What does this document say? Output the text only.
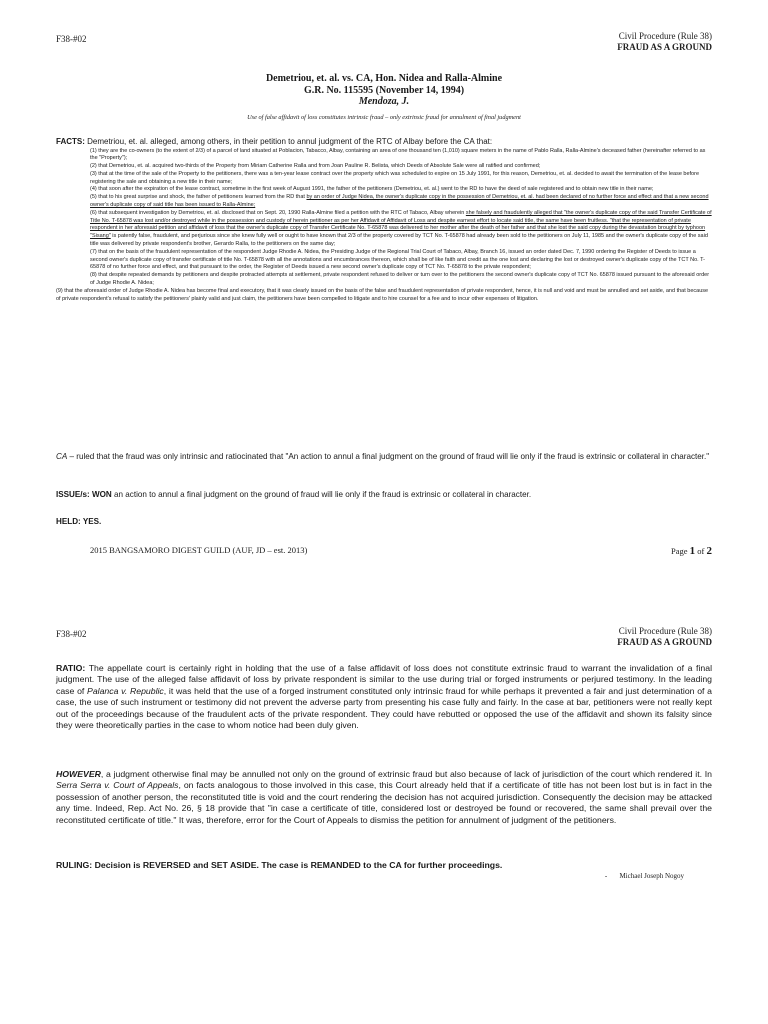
F38-#02	Civil Procedure (Rule 38)
FRAUD AS A GROUND
Demetriou, et. al. vs. CA, Hon. Nidea and Ralla-Almine
G.R. No. 115595 (November 14, 1994)
Mendoza, J.
Use of false affidavit of loss constitutes intrinsic fraud – only extrinsic fraud for annulment of final judgment
FACTS: Demetriou, et. al. alleged, among others, in their petition to annul judgment of the RTC of Albay before the CA that:
(1) they are the co-owners (to the extent of 2/3) of a parcel of land situated at Poblacion, Tabacco, Albay, containing an area of one thousand ten (1,010) square meters in the name of Pablo Ralla, Ralla-Almine's deceased father (hereinafter referred to as the "Property");
(2) that Demetriou, et. al. acquired two-thirds of the Property from Miriam Catherine Ralla and from Joan Pauline R. Belista, which Deeds of Absolute Sale were all ratified and confirmed;
(3) that at the time of the sale of the Property to the petitioners, there was a ten-year lease contract over the property which was scheduled to expire on 15 July 1991, for this reason, Demetriou, et. al. decided to await the termination of the lease before registering the sale and obtaining a new title in their name;
(4) that soon after the expiration of the lease contract, sometime in the first week of August 1991, the father of the petitioners (Demetriou, et. al.) went to the RD to have the deed of sale registered and to obtain new title in their name;
(5) that to his great surprise and shock, the father of petitioners learned from the RD that by an order of Judge Nidea, the owner's duplicate copy in the possession of Demetriou, et. al. had been declared of no further force and effect and that a new second owner's duplicate copy of said title has been issued to Ralla-Almine;
(6) that subsequent investigation by Demetriou, et. al. disclosed that on Sept. 20, 1990 Ralla-Almine filed a petition with the RTC of Tabaco, Albay wherein she falsely and fraudulently alleged that "the owner's duplicate copy of the said Transfer Certificate of Title No. T-65878 was lost and/or destroyed while in the possession and custody of herein petitioner as per her Affidavit of Affidavit of Loss and despite earnest effort to locate said title, the same have been fruitless. "that the representation of private respondent in her aforesaid petition and affidavit of loss that the owner's duplicate copy of Transfer Certificate No. T-65878 was delivered to her mother after the death of her father and that she lost the said copy during the devastation brought by typhoon "Sisang" is patently false, fraudulent, and perjurious since she knew fully well or ought to have known that 2/3 of the property covered by TCT No. T-65878 had already been sold to the petitioners on July 11, 1985 and the owner's duplicate copy of the said title was delivered by private respondent's brother, Gerardo Ralla, to the petitioners on the same day;
(7) that on the basis of the fraudulent representation of the respondent Judge Rhodie A. Nidea, the Presiding Judge of the Regional Trial Court of Tabaco, Albay, Branch 16, issued an order dated Dec. 7, 1990 ordering the Register of Deeds to issue a second owner's duplicate copy of transfer certificate of title No. T-65878 with all the annotations and encumbrances thereon, which shall be of like faith and credit as the one lost and declaring the lost or destroyed owner's duplicate copy of the TCT No. T-65878 of no further force and effect, and that pursuant to the order, the Register of Deeds issued a new second owner's duplicate copy of TCT No. T-65878 to the private respondent;
(8) that despite repeated demands by petitioners and despite protracted attempts at settlement, private respondent refused to deliver or turn over to the petitioners the second owner's duplicate copy of TCT No. 65878 issued pursuant to the aforesaid order of Judge Rhodie A. Nidea;
(9) that the aforesaid order of Judge Rhodie A. Nidea has become final and executory, that it was clearly issued on the basis of the false and fraudulent representation of private respondent, hence, it is null and void and must be annulled and set aside, and that because of private respondent's refusal to satisfy the petitioners' plainly valid and just claim, the petitioners have been compelled to litigate and to hire counsel for a fee and to incur other expenses of litigation.
CA – ruled that the fraud was only intrinsic and ratiocinated that "An action to annul a final judgment on the ground of fraud will lie only if the fraud is extrinsic or collateral in character."
ISSUE/s: WON an action to annul a final judgment on the ground of fraud will lie only if the fraud is extrinsic or collateral in character.
HELD: YES.
2015 BANGSAMORO DIGEST GUILD (AUF, JD – est. 2013)	Page 1 of 2
F38-#02	Civil Procedure (Rule 38)
FRAUD AS A GROUND
RATIO: The appellate court is certainly right in holding that the use of a false affidavit of loss does not constitute extrinsic fraud to warrant the invalidation of a final judgment. The use of the alleged false affidavit of loss by private respondent is similar to the use during trial or forged instruments or perjured testimony. In the leading case of Palanca v. Republic, it was held that the use of a forged instrument constituted only intrinsic fraud for while perhaps it prevented a fair and just determination of a case, the use of such instrument or testimony did not prevent the adverse party from presenting his case fully and fairly. In the case at bar, petitioners were not really kept out of the proceedings because of the fraudulent acts of the private respondent. They could have rebutted or opposed the use of the affidavit and shown its falsity since they were theoretically parties in the case to whom notice had been duly given.
HOWEVER, a judgment otherwise final may be annulled not only on the ground of extrinsic fraud but also because of lack of jurisdiction of the court which rendered it. In Serra Serra v. Court of Appeals, on facts analogous to those involved in this case, this Court already held that if a certificate of title has not been lost but is in fact in the possession of another person, the reconstituted title is void and the court rendering the decision has not acquired jurisdiction. Consequently the decision may be attacked any time. Indeed, Rep. Act No. 26, § 18 provide that "in case a certificate of title, considered lost or destroyed be found or recovered, the same shall prevail over the reconstituted certificate of title." It was, therefore, error for the Court of Appeals to dismiss the petition for annulment of judgment of the petitioners.
RULING: Decision is REVERSED and SET ASIDE. The case is REMANDED to the CA for further proceedings.
- Michael Joseph Nogoy
